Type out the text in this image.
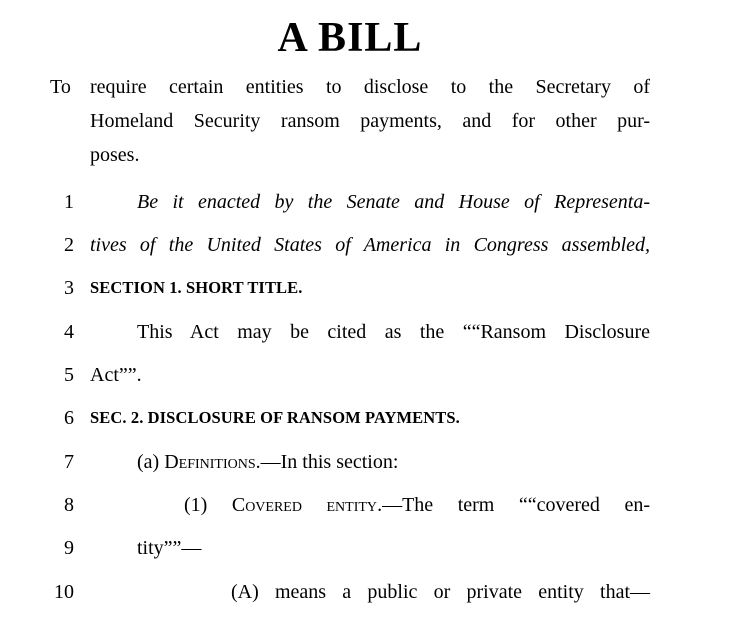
A BILL
To require certain entities to disclose to the Secretary of
Homeland Security ransom payments, and for other pur-
poses.
1	Be it enacted by the Senate and House of Representa-
2 tives of the United States of America in Congress assembled,
3 SECTION 1. SHORT TITLE.
4	This Act may be cited as the ““Ransom Disclosure
5 Act””.
6 SEC. 2. DISCLOSURE OF RANSOM PAYMENTS.
7	(a) Definitions.—In this section:
8	(1) Covered entity.—The term ““covered en-
9	tity””—
10	(A) means a public or private entity that—
